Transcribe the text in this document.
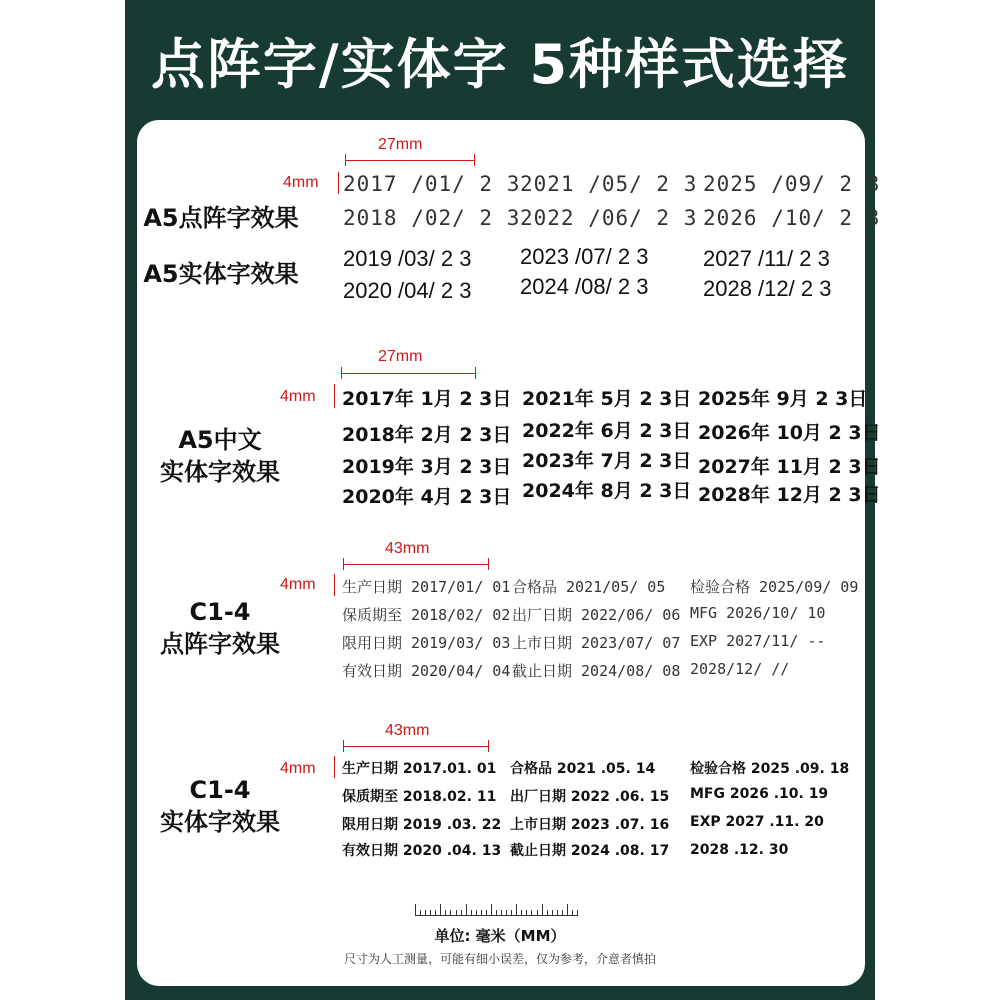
点阵字/实体字 5种样式选择
27mm
4mm
A5点阵字效果
A5实体字效果
2017 /01/ 2 3 2021 /05/ 2 3 2025 /09/ 2 3
2018 /02/ 2 3 2022 /06/ 2 3 2026 /10/ 2 3
2019 /03/ 2 3 2023 /07/ 2 3 2027 /11/ 2 3
2020 /04/ 2 3 2024 /08/ 2 3 2028 /12/ 2 3
27mm
4mm
A5中文
实体字效果
2017年 1月 2 3日 2021年 5月 2 3日 2025年 9月 2 3日
2018年 2月 2 3日 2022年 6月 2 3日 2026年 10月 2 3日
2019年 3月 2 3日 2023年 7月 2 3日 2027年 11月 2 3日
2020年 4月 2 3日 2024年 8月 2 3日 2028年 12月 2 3日
43mm
4mm
C1-4
点阵字效果
生产日期 2017/01/ 01 合格品 2021/05/ 05 检验合格 2025/09/ 09
保质期至 2018/02/ 02 出厂日期 2022/06/ 06 MFG 2026/10/ 10
限用日期 2019/03/ 03 上市日期 2023/07/ 07 EXP 2027/11/ --
有效日期 2020/04/ 04 截止日期 2024/08/ 08 2028/12/ //
43mm
4mm
C1-4
实体字效果
生产日期 2017.01. 01 合格品 2021 .05. 14 检验合格 2025 .09. 18
保质期至 2018.02. 11 出厂日期 2022 .06. 15 MFG 2026 .10. 19
限用日期 2019 .03. 22 上市日期 2023 .07. 16 EXP 2027 .11. 20
有效日期 2020 .04. 13 截止日期 2024 .08. 17 2028 .12. 30
单位: 毫米（MM）
尺寸为人工测量，可能有细小误差，仅为参考，介意者慎拍
